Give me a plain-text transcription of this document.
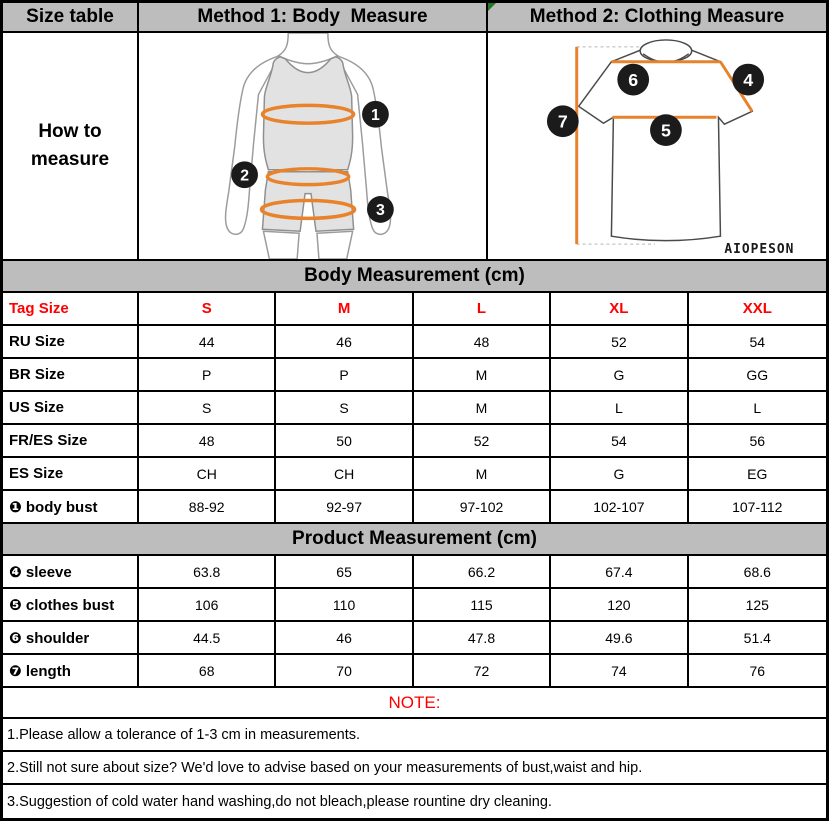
Size table	Method 1: Body  Measure	Method 2: Clothing Measure
How to measure
1
2
3
4
5
6
7
AIOPESON
Body Measurement (cm)
Tag Size	S	M	L	XL	XXL
RU Size	44	46	48	52	54
BR Size	P	P	M	G	GG
US Size	S	S	M	L	L
FR/ES Size	48	50	52	54	56
ES Size	CH	CH	M	G	EG
❶ body bust	88-92	92-97	97-102	102-107	107-112
Product Measurement (cm)
❹ sleeve	63.8	65	66.2	67.4	68.6
❺ clothes bust	106	110	115	120	125
❻ shoulder	44.5	46	47.8	49.6	51.4
❼ length	68	70	72	74	76
NOTE:
1.Please allow a tolerance of 1-3 cm in measurements.
2.Still not sure about size? We'd love to advise based on your measurements of bust,waist and hip.
3.Suggestion of cold water hand washing,do not bleach,please rountine dry cleaning.
